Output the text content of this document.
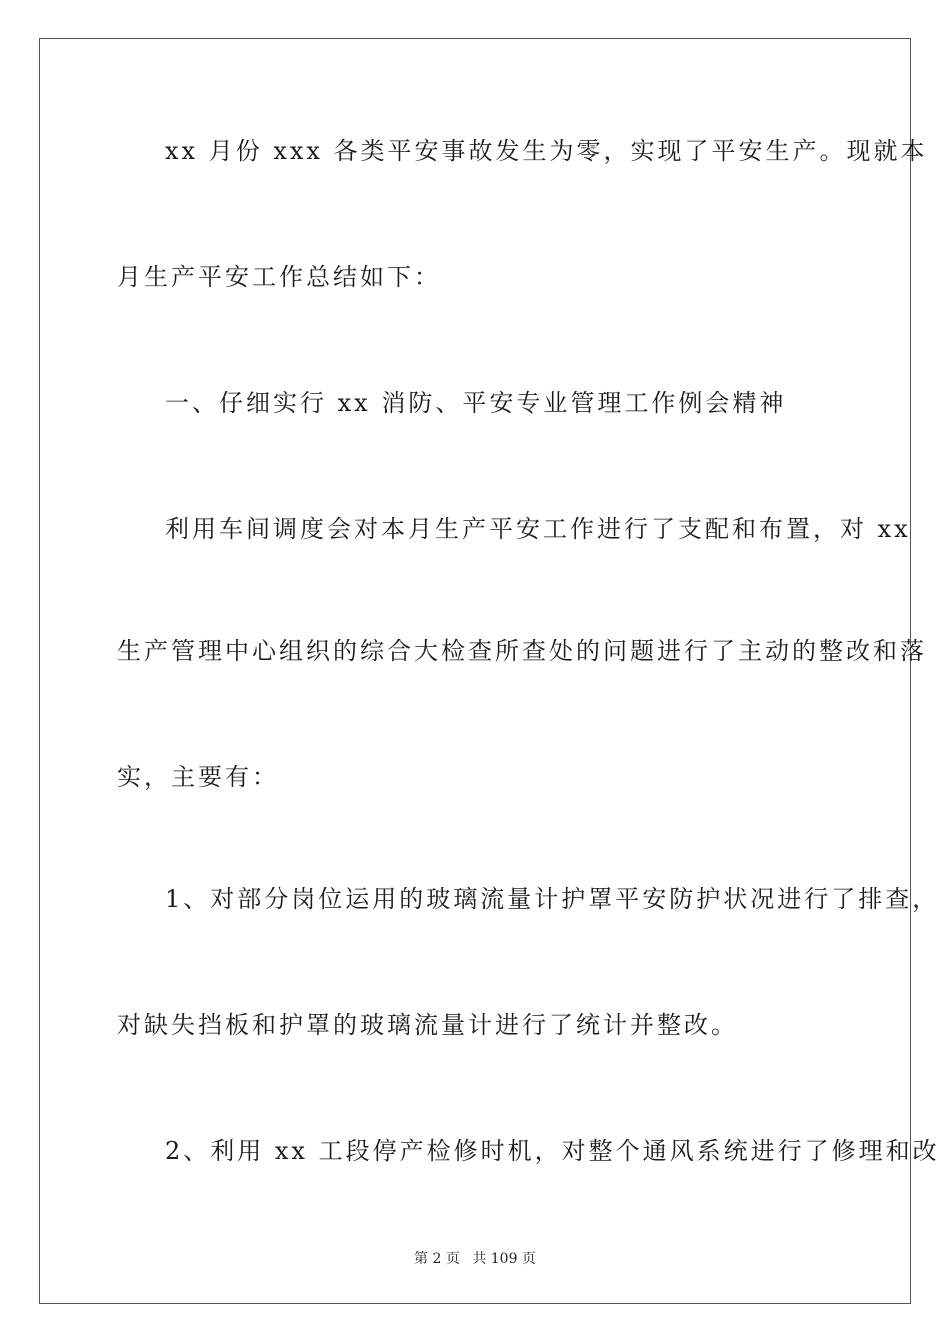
xx 月份 xxx 各类平安事故发生为零，实现了平安生产。现就本
月生产平安工作总结如下：
一、仔细实行 xx 消防、平安专业管理工作例会精神
利用车间调度会对本月生产平安工作进行了支配和布置，对 xx
生产管理中心组织的综合大检查所查处的问题进行了主动的整改和落
实，主要有：
1、对部分岗位运用的玻璃流量计护罩平安防护状况进行了排查，
对缺失挡板和护罩的玻璃流量计进行了统计并整改。
2、利用 xx 工段停产检修时机，对整个通风系统进行了修理和改
第 2 页 共 109 页
